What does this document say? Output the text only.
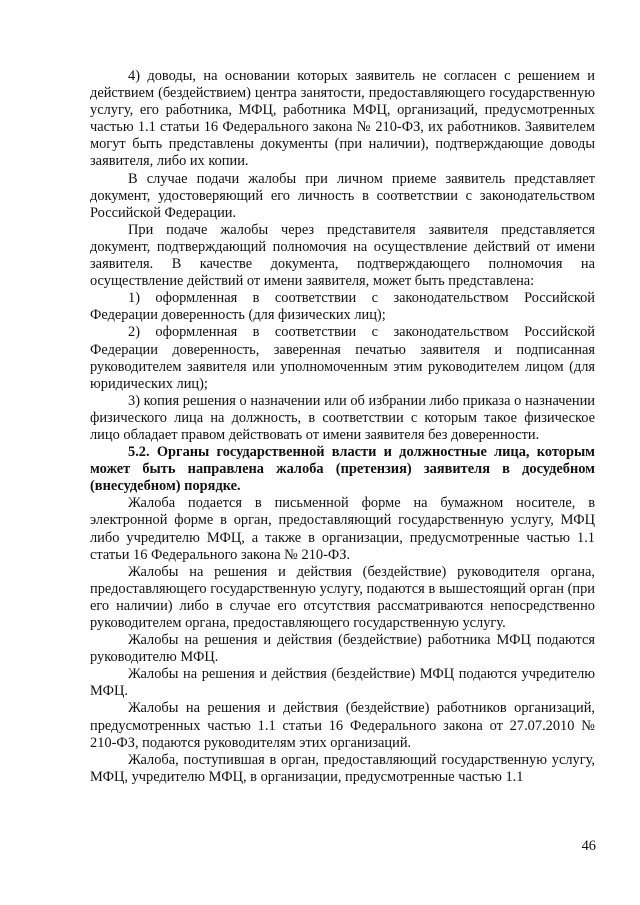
4) доводы, на основании которых заявитель не согласен с решением и действием (бездействием) центра занятости, предоставляющего государственную услугу, его работника, МФЦ, работника МФЦ, организаций, предусмотренных частью 1.1 статьи 16 Федерального закона № 210-ФЗ, их работников. Заявителем могут быть представлены документы (при наличии), подтверждающие доводы заявителя, либо их копии.

В случае подачи жалобы при личном приеме заявитель представляет документ, удостоверяющий его личность в соответствии с законодательством Российской Федерации.

При подаче жалобы через представителя заявителя представляется документ, подтверждающий полномочия на осуществление действий от имени заявителя. В качестве документа, подтверждающего полномочия на осуществление действий от имени заявителя, может быть представлена:

1) оформленная в соответствии с законодательством Российской Федерации доверенность (для физических лиц);

2) оформленная в соответствии с законодательством Российской Федерации доверенность, заверенная печатью заявителя и подписанная руководителем заявителя или уполномоченным этим руководителем лицом (для юридических лиц);

3) копия решения о назначении или об избрании либо приказа о назначении физического лица на должность, в соответствии с которым такое физическое лицо обладает правом действовать от имени заявителя без доверенности.

5.2. Органы государственной власти и должностные лица, которым может быть направлена жалоба (претензия) заявителя в досудебном (внесудебном) порядке.

Жалоба подается в письменной форме на бумажном носителе, в электронной форме в орган, предоставляющий государственную услугу, МФЦ либо учредителю МФЦ, а также в организации, предусмотренные частью 1.1 статьи 16 Федерального закона № 210-ФЗ.

Жалобы на решения и действия (бездействие) руководителя органа, предоставляющего государственную услугу, подаются в вышестоящий орган (при его наличии) либо в случае его отсутствия рассматриваются непосредственно руководителем органа, предоставляющего государственную услугу.

Жалобы на решения и действия (бездействие) работника МФЦ подаются руководителю МФЦ.

Жалобы на решения и действия (бездействие) МФЦ подаются учредителю МФЦ.

Жалобы на решения и действия (бездействие) работников организаций, предусмотренных частью 1.1 статьи 16 Федерального закона от 27.07.2010 № 210-ФЗ, подаются руководителям этих организаций.

Жалоба, поступившая в орган, предоставляющий государственную услугу, МФЦ, учредителю МФЦ, в организации, предусмотренные частью 1.1

46
